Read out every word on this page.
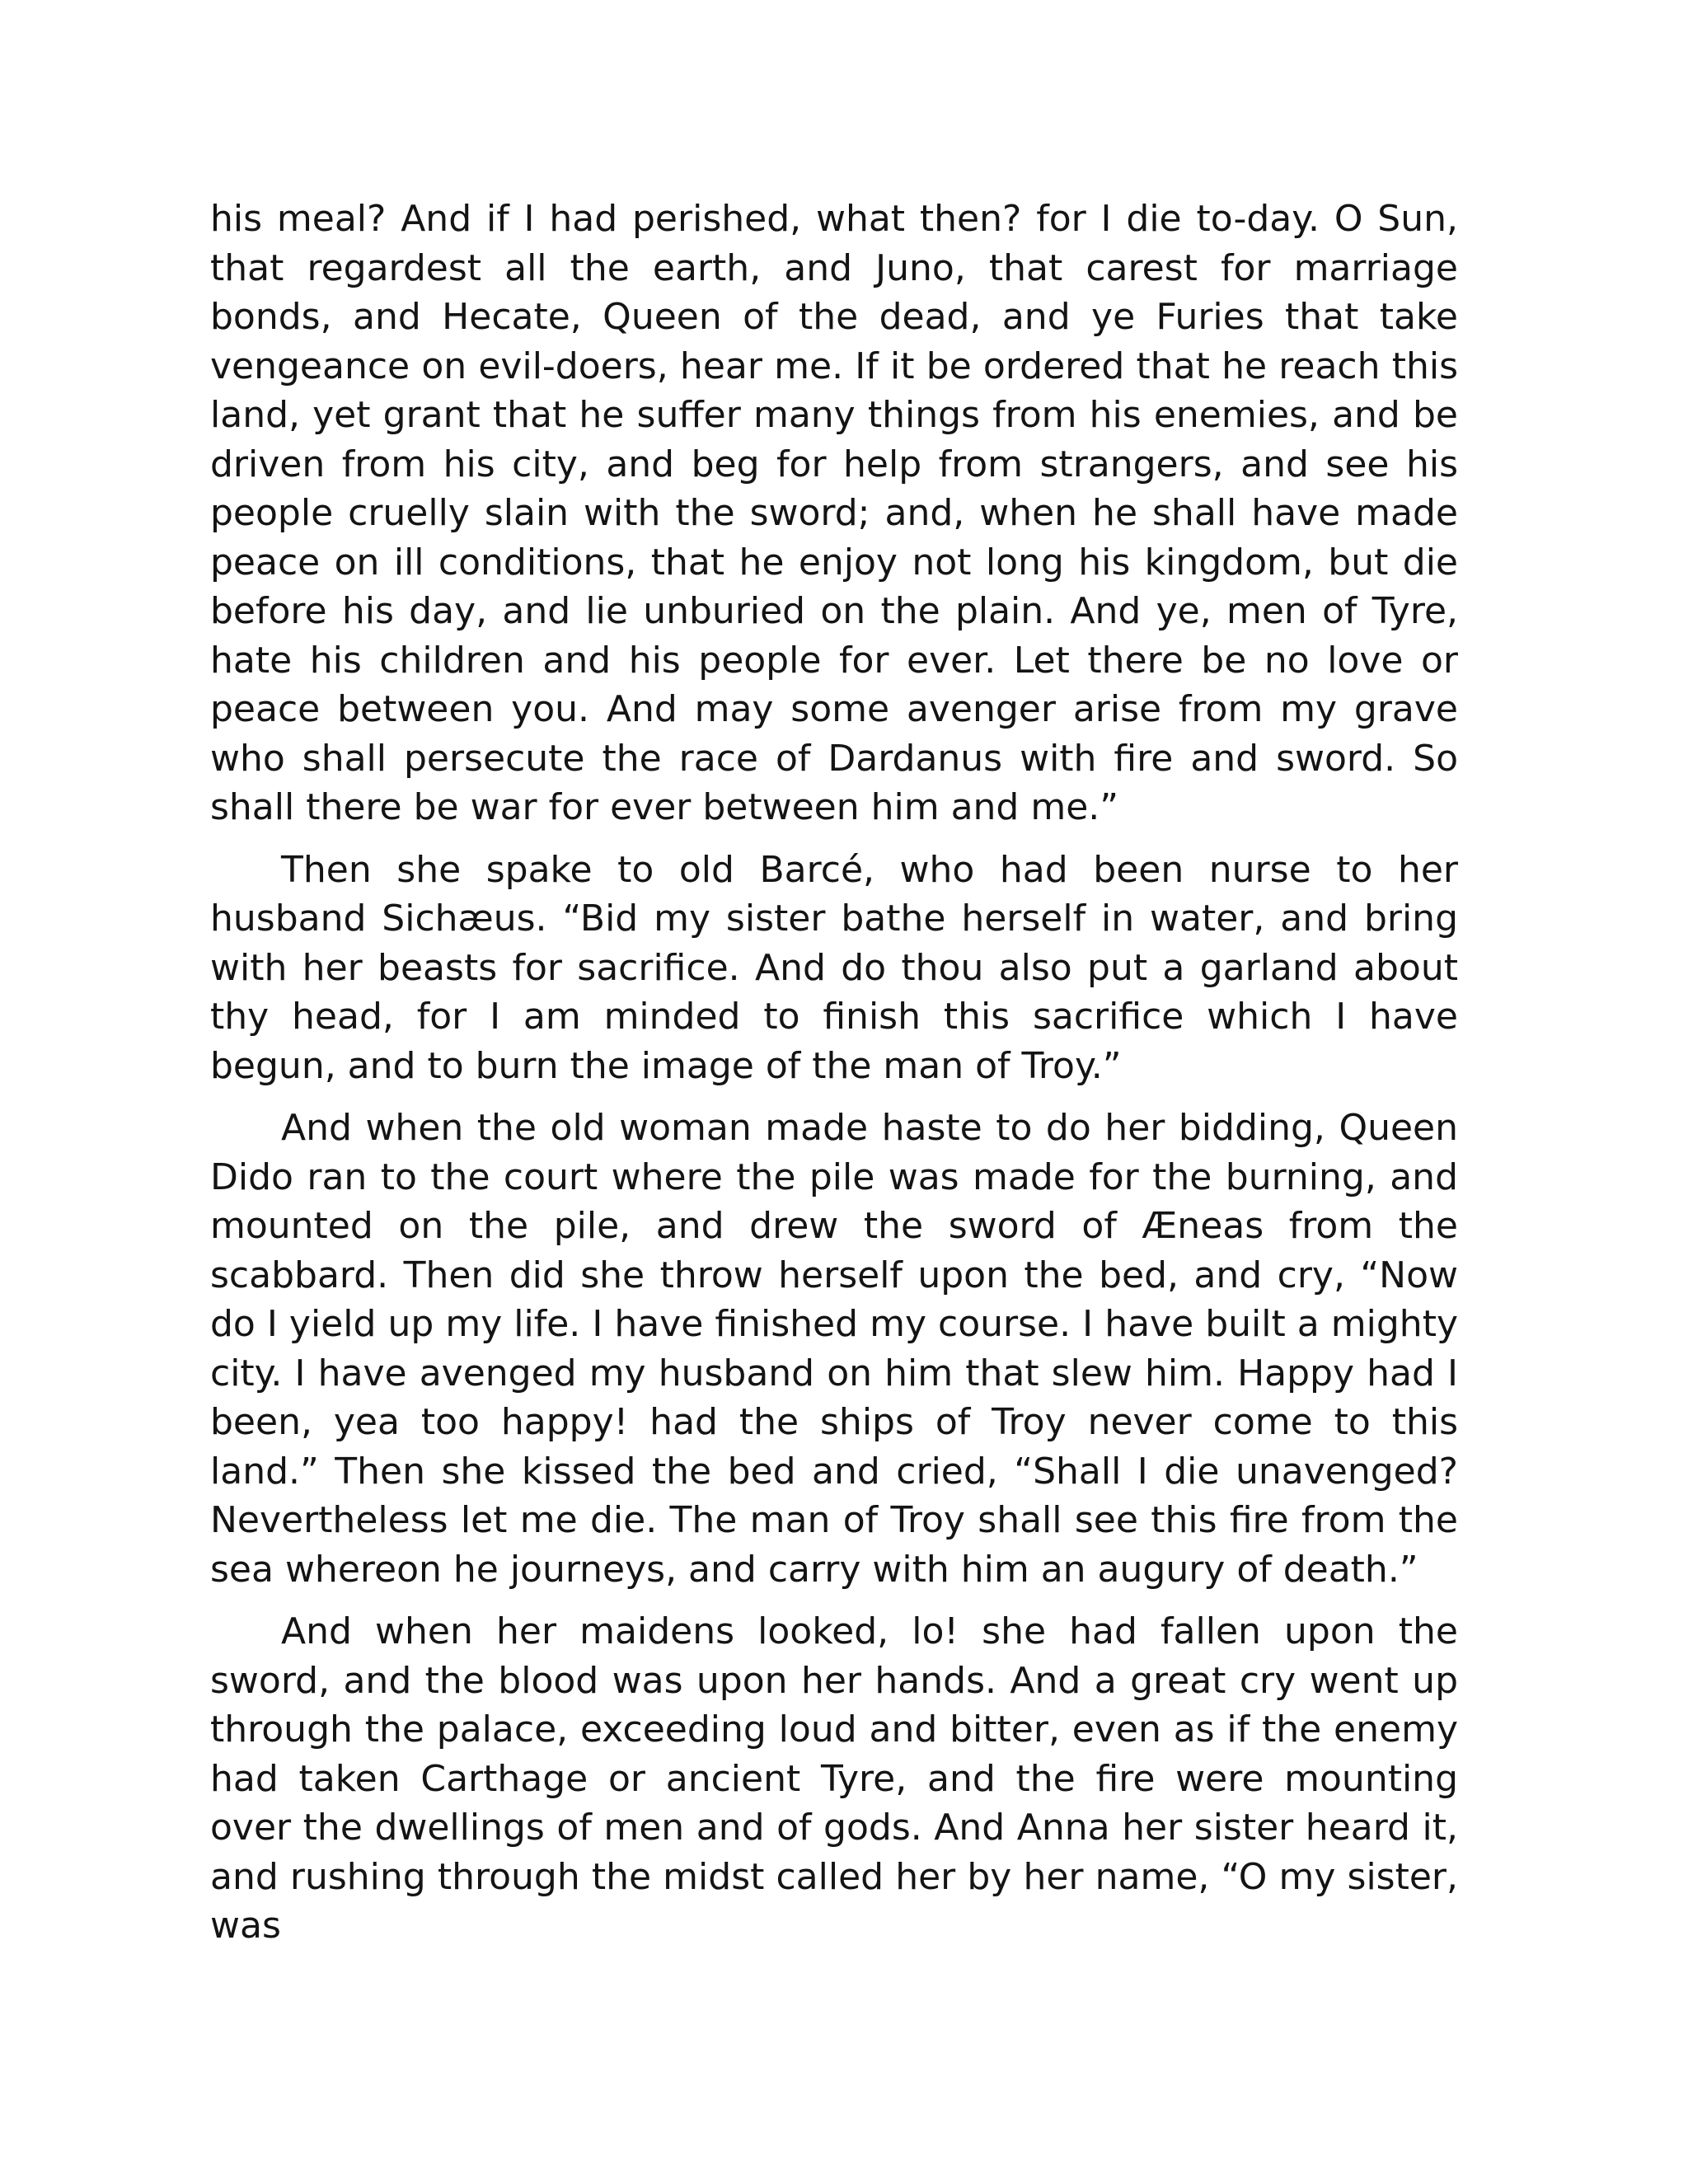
his meal? And if I had perished, what then? for I die to-day. O Sun, that regardest all the earth, and Juno, that carest for marriage bonds, and Hecate, Queen of the dead, and ye Furies that take vengeance on evil-doers, hear me. If it be ordered that he reach this land, yet grant that he suffer many things from his enemies, and be driven from his city, and beg for help from strangers, and see his people cruelly slain with the sword; and, when he shall have made peace on ill conditions, that he enjoy not long his kingdom, but die before his day, and lie unburied on the plain. And ye, men of Tyre, hate his children and his people for ever. Let there be no love or peace between you. And may some avenger arise from my grave who shall persecute the race of Dardanus with fire and sword. So shall there be war for ever between him and me.”

Then she spake to old Barcé, who had been nurse to her husband Sichæus. “Bid my sister bathe herself in water, and bring with her beasts for sacrifice. And do thou also put a garland about thy head, for I am minded to finish this sacrifice which I have begun, and to burn the image of the man of Troy.”

And when the old woman made haste to do her bidding, Queen Dido ran to the court where the pile was made for the burning, and mounted on the pile, and drew the sword of Æneas from the scabbard. Then did she throw herself upon the bed, and cry, “Now do I yield up my life. I have finished my course. I have built a mighty city. I have avenged my husband on him that slew him. Happy had I been, yea too happy! had the ships of Troy never come to this land.” Then she kissed the bed and cried, “Shall I die unavenged? Nevertheless let me die. The man of Troy shall see this fire from the sea whereon he journeys, and carry with him an augury of death.”

And when her maidens looked, lo! she had fallen upon the sword, and the blood was upon her hands. And a great cry went up through the palace, exceeding loud and bitter, even as if the enemy had taken Carthage or ancient Tyre, and the fire were mounting over the dwellings of men and of gods. And Anna her sister heard it, and rushing through the midst called her by her name, “O my sister, was
